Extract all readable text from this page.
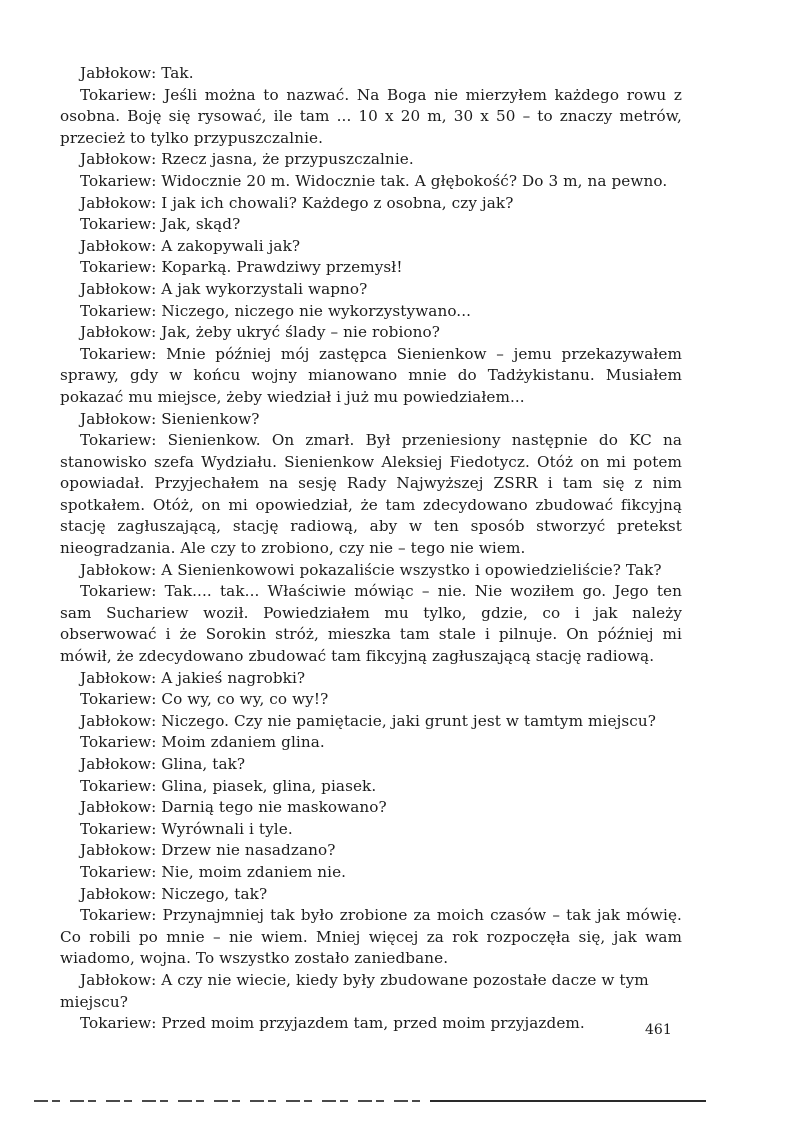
Jabłokow: Tak.

Tokariew: Jeśli można to nazwać. Na Boga nie mierzyłem każdego rowu z osobna. Boję się rysować, ile tam ... 10 x 20 m, 30 x 50 – to znaczy metrów, przecież to tylko przypuszczalnie.

Jabłokow: Rzecz jasna, że przypuszczalnie.

Tokariew: Widocznie 20 m. Widocznie tak. A głębokość? Do 3 m, na pewno.

Jabłokow: I jak ich chowali? Każdego z osobna, czy jak?

Tokariew: Jak, skąd?

Jabłokow: A zakopywali jak?

Tokariew: Koparką. Prawdziwy przemysł!

Jabłokow: A jak wykorzystali wapno?

Tokariew: Niczego, niczego nie wykorzystywano...

Jabłokow: Jak, żeby ukryć ślady – nie robiono?

Tokariew: Mnie później mój zastępca Sienienkow – jemu przekazywałem sprawy, gdy w końcu wojny mianowano mnie do Tadżykistanu. Musiałem pokazać mu miejsce, żeby wiedział i już mu powiedziałem...

Jabłokow: Sienienkow?

Tokariew: Sienienkow. On zmarł. Był przeniesiony następnie do KC na stanowisko szefa Wydziału. Sienienkow Aleksiej Fiedotycz. Otóż on mi potem opowiadał. Przyjechałem na sesję Rady Najwyższej ZSRR i tam się z nim spotkałem. Otóż, on mi opowiedział, że tam zdecydowano zbudować fikcyjną stację zagłuszającą, stację radiową, aby w ten sposób stworzyć pretekst nieogradzania. Ale czy to zrobiono, czy nie – tego nie wiem.

Jabłokow: A Sienienkowowi pokazaliście wszystko i opowiedzieliście? Tak?

Tokariew: Tak.... tak... Właściwie mówiąc – nie. Nie woziłem go. Jego ten sam Suchariew woził. Powiedziałem mu tylko, gdzie, co i jak należy obserwować i że Sorokin stróż, mieszka tam stale i pilnuje. On później mi mówił, że zdecydowano zbudować tam fikcyjną zagłuszającą stację radiową.

Jabłokow: A jakieś nagrobki?

Tokariew: Co wy, co wy, co wy!?

Jabłokow: Niczego. Czy nie pamiętacie, jaki grunt jest w tamtym miejscu?

Tokariew: Moim zdaniem glina.

Jabłokow: Glina, tak?

Tokariew: Glina, piasek, glina, piasek.

Jabłokow: Darnią tego nie maskowano?

Tokariew: Wyrównali i tyle.

Jabłokow: Drzew nie nasadzano?

Tokariew: Nie, moim zdaniem nie.

Jabłokow: Niczego, tak?

Tokariew: Przynajmniej tak było zrobione za moich czasów – tak jak mówię. Co robili po mnie – nie wiem. Mniej więcej za rok rozpoczęła się, jak wam wiadomo, wojna. To wszystko zostało zaniedbane.

Jabłokow: A czy nie wiecie, kiedy były zbudowane pozostałe dacze w tym miejscu?

Tokariew: Przed moim przyjazdem tam, przed moim przyjazdem.	461
